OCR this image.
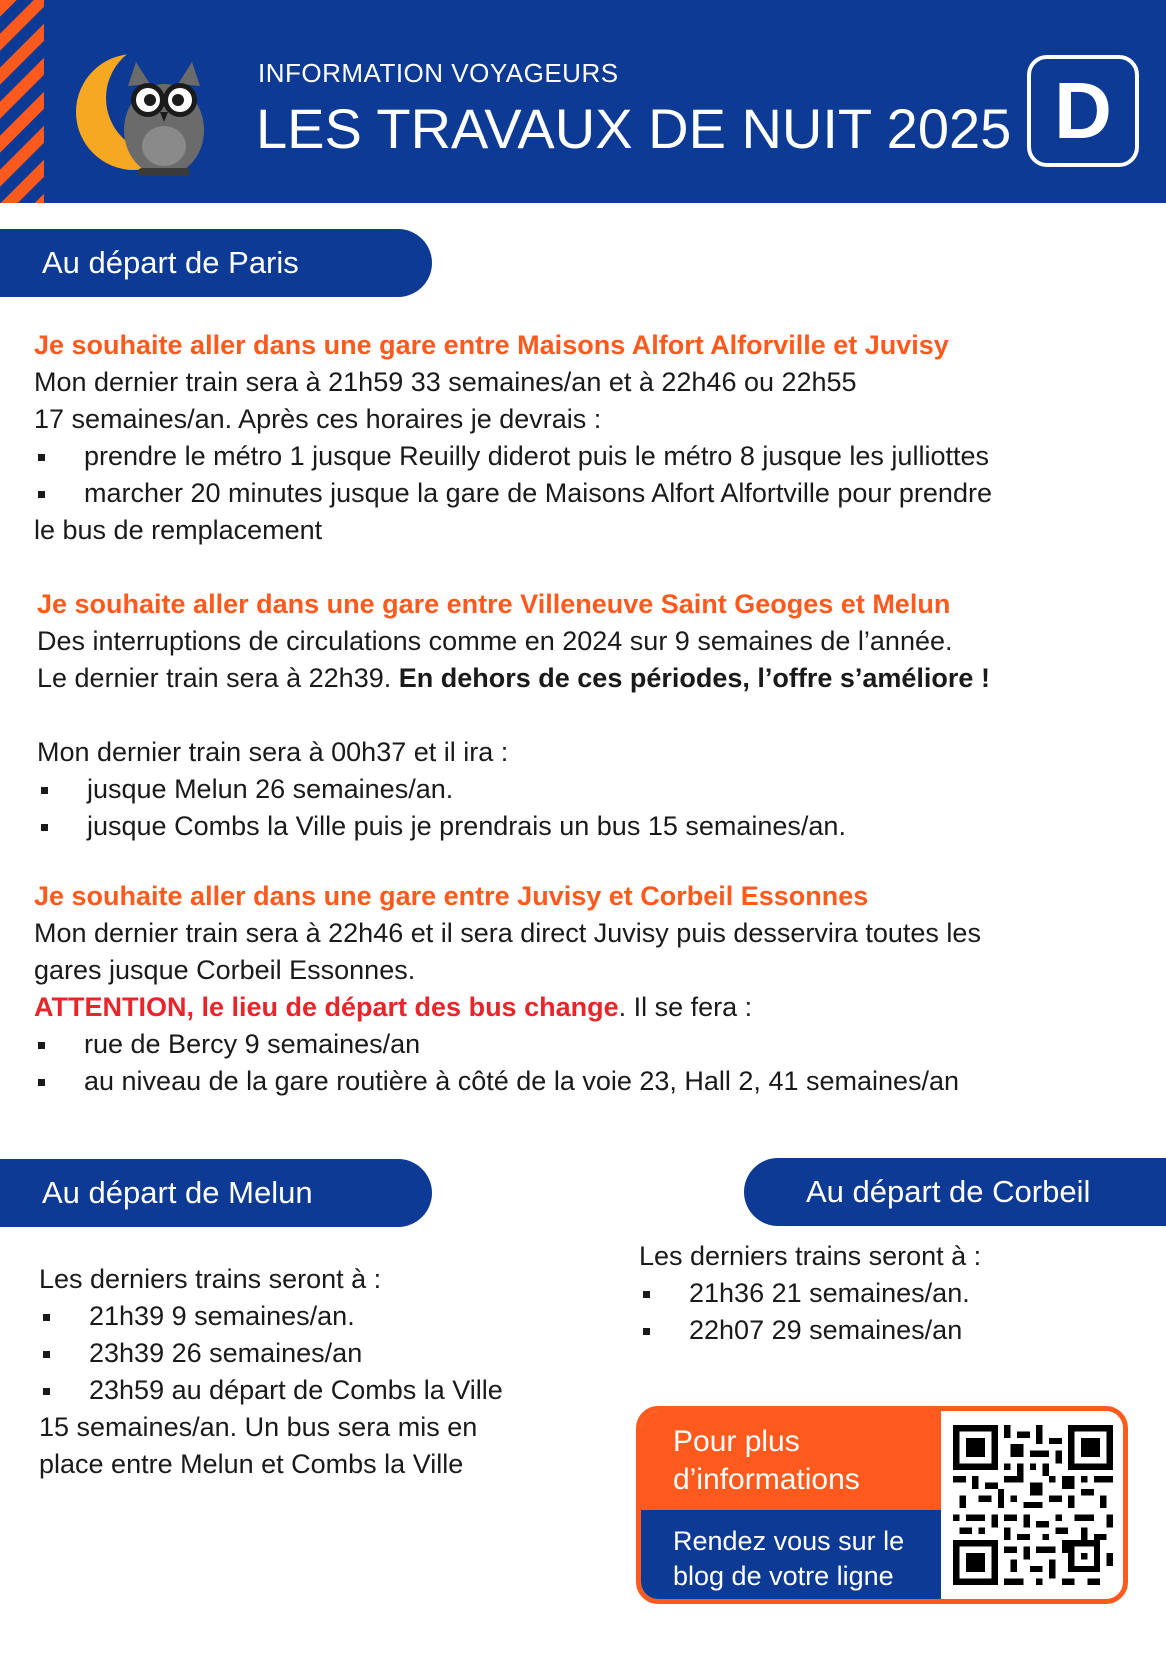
INFORMATION VOYAGEURS
LES TRAVAUX DE NUIT 2025 D
Au départ de Paris

Je souhaite aller dans une gare entre Maisons Alfort Alforville et Juvisy

Mon dernier train sera à 21h59 33 semaines/an et à 22h46 ou 22h55

17 semaines/an. Après ces horaires je devrais :

prendre le métro 1 jusque Reuilly diderot puis le métro 8 jusque les julliottes
marcher 20 minutes jusque la gare de Maisons Alfort Alfortville pour prendre

le bus de remplacement

Je souhaite aller dans une gare entre Villeneuve Saint Geoges et Melun

Des interruptions de circulations comme en 2024 sur 9 semaines de l’année.

Le dernier train sera à 22h39. En dehors de ces périodes, l’offre s’améliore !

Mon dernier train sera à 00h37 et il ira :

jusque Melun 26 semaines/an.
jusque Combs la Ville puis je prendrais un bus 15 semaines/an.

Je souhaite aller dans une gare entre Juvisy et Corbeil Essonnes

Mon dernier train sera à 22h46 et il sera direct Juvisy puis desservira toutes les

gares jusque Corbeil Essonnes.

ATTENTION, le lieu de départ des bus change. Il se fera :

rue de Bercy 9 semaines/an
au niveau de la gare routière à côté de la voie 23, Hall 2, 41 semaines/an
Au départ de Melun

Les derniers trains seront à :

21h39 9 semaines/an.
23h39 26 semaines/an
23h59 au départ de Combs la Ville

15 semaines/an. Un bus sera mis en

place entre Melun et Combs la Ville

Au départ de Corbeil

Les derniers trains seront à :

21h36 21 semaines/an.
22h07 29 semaines/an
Pour plus
d’informations
Rendez vous sur le
blog de votre ligne
